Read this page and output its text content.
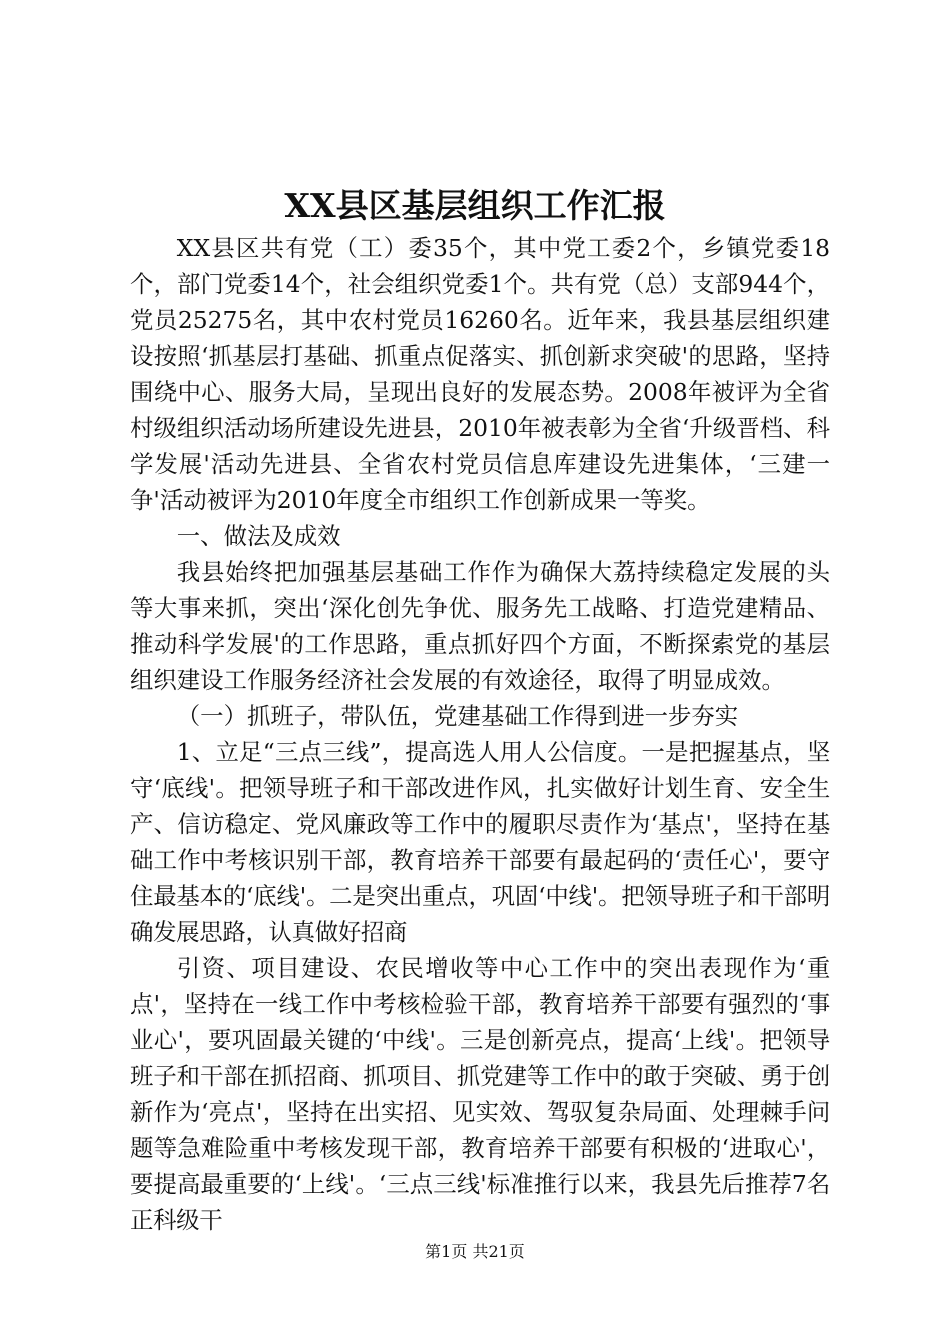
XX县区基层组织工作汇报

XX县区共有党（工）委35个，其中党工委2个，乡镇党委18个，部门党委14个，社会组织党委1个。共有党（总）支部944个，党员25275名，其中农村党员16260名。近年来，我县基层组织建设按照‘抓基层打基础、抓重点促落实、抓创新求突破'的思路，坚持围绕中心、服务大局，呈现出良好的发展态势。2008年被评为全省村级组织活动场所建设先进县，2010年被表彰为全省‘升级晋档、科学发展'活动先进县、全省农村党员信息库建设先进集体，‘三建一争'活动被评为2010年度全市组织工作创新成果一等奖。

一、做法及成效

我县始终把加强基层基础工作作为确保大荔持续稳定发展的头等大事来抓，突出‘深化创先争优、服务先工战略、打造党建精品、推动科学发展'的工作思路，重点抓好四个方面，不断探索党的基层组织建设工作服务经济社会发展的有效途径，取得了明显成效。

（一）抓班子，带队伍，党建基础工作得到进一步夯实

1、立足“三点三线”，提高选人用人公信度。一是把握基点，坚守‘底线'。把领导班子和干部改进作风，扎实做好计划生育、安全生产、信访稳定、党风廉政等工作中的履职尽责作为‘基点'，坚持在基础工作中考核识别干部，教育培养干部要有最起码的‘责任心'，要守住最基本的‘底线'。二是突出重点，巩固‘中线'。把领导班子和干部明确发展思路，认真做好招商

引资、项目建设、农民增收等中心工作中的突出表现作为‘重点'，坚持在一线工作中考核检验干部，教育培养干部要有强烈的‘事业心'，要巩固最关键的‘中线'。三是创新亮点，提高‘上线'。把领导班子和干部在抓招商、抓项目、抓党建等工作中的敢于突破、勇于创新作为‘亮点'，坚持在出实招、见实效、驾驭复杂局面、处理棘手问题等急难险重中考核发现干部，教育培养干部要有积极的‘进取心'，要提高最重要的‘上线'。‘三点三线'标准推行以来，我县先后推荐7名正科级干

第1页 共21页
